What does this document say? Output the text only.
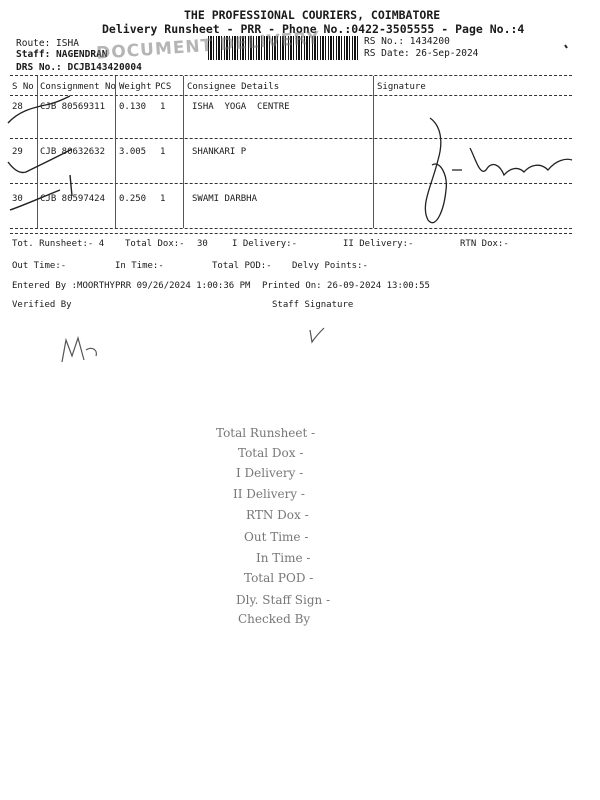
THE PROFESSIONAL COURIERS, COIMBATORE
Delivery Runsheet - PRR - Phone No.:0422-3505555 - Page No.:4
Route: ISHA
Staff: NAGENDRAN
DOCUMENT DELIVERY	RS No.: 1434200
RS Date: 26-Sep-2024
DRS No.: DCJB143420004
S No Consignment No Weight PCS Consignee Details	Signature
28 CJB 80569311 0.130 1	ISHA  YOGA  CENTRE
29 CJB 80632632 3.005 1	SHANKARI P
30 CJB 80597424 0.250 1	SWAMI DARBHA
Tot. Runsheet:- 4 Total Dox:- 30	I Delivery:-	II Delivery:-	RTN Dox:-
Out Time:-	In Time:-	Total POD:- Delvy Points:-
Entered By :MOORTHYPRR 09/26/2024 1:00:36 PM Printed On: 26-09-2024 13:00:55
Verified By	Staff Signature
Total Runsheet -
Total Dox -
I Delivery -
II Delivery -
RTN Dox -
Out Time -
In Time -
Total POD -
Dly. Staff Sign -
Checked By
